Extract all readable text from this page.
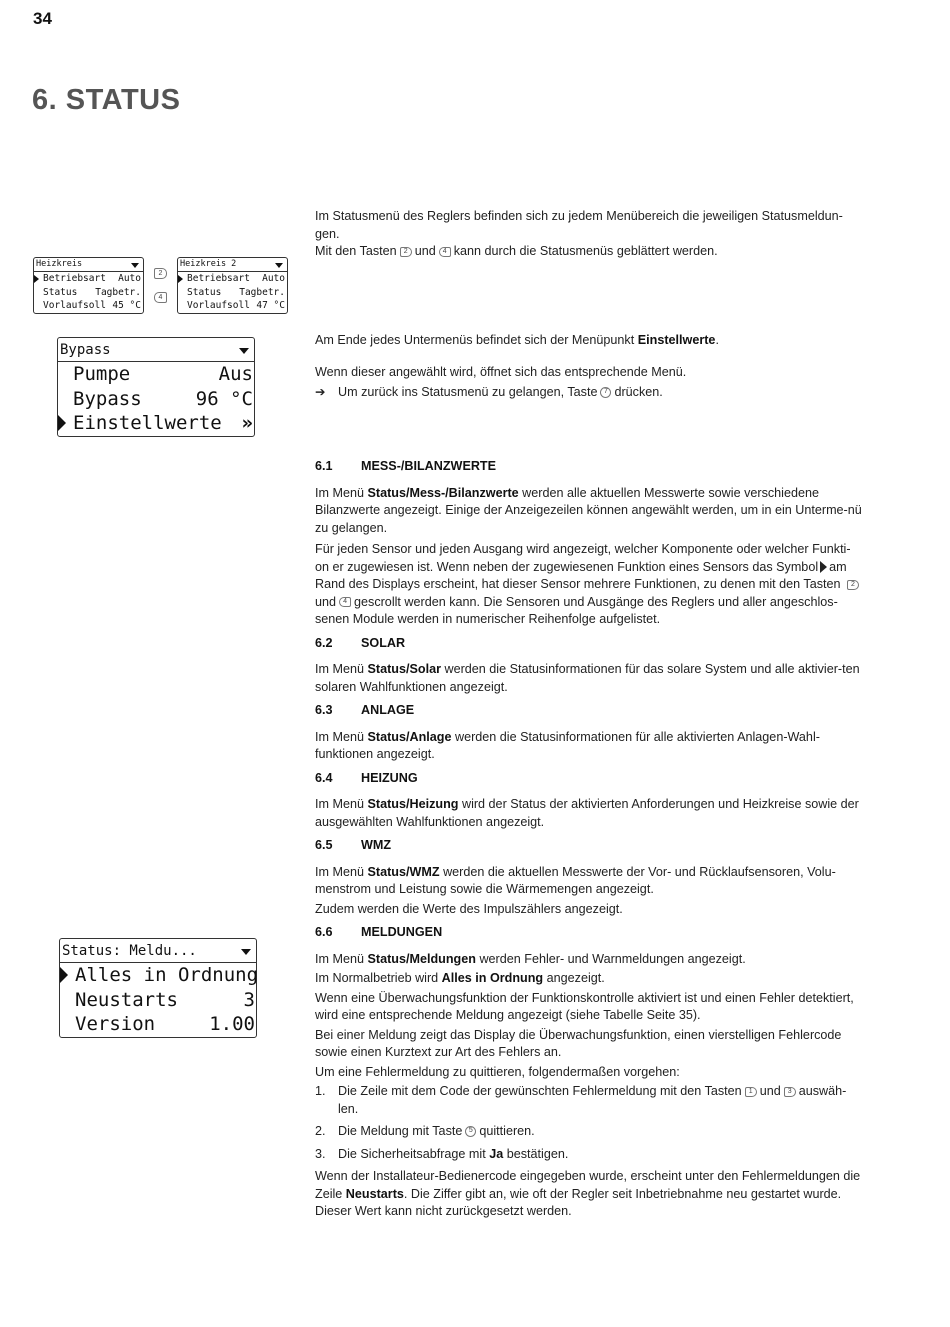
34
6. STATUS
Heizkreis
Betriebsart Auto
Status Tagbetr.
Vorlaufsoll 45 °C
2
4
Heizkreis 2
Betriebsart Auto
Status Tagbetr.
Vorlaufsoll 47 °C
Bypass
Pumpe	Aus
Bypass	96 °C
Einstellwerte »
Status: Meldu...
Alles in Ordnung
Neustarts	3
Version	1.00

Im Statusmenü des Reglers befinden sich zu jedem Menübereich die jeweiligen Statusmeldun-gen.

Mit den Tasten 2 und 4 kann durch die Statusmenüs geblättert werden.

Am Ende jedes Untermenüs befindet sich der Menüpunkt Einstellwerte.

Wenn dieser angewählt wird, öffnet sich das entsprechende Menü.

➔ Um zurück ins Statusmenü zu gelangen, Taste 7 drücken.
6.1	MESS-/BILANZWERTE

Im Menü Status/Mess-/Bilanzwerte werden alle aktuellen Messwerte sowie verschiedene Bilanzwerte angezeigt. Einige der Anzeigezeilen können angewählt werden, um in ein Unterme-nü zu gelangen.

Für jeden Sensor und jeden Ausgang wird angezeigt, welcher Komponente oder welcher Funkti-on er zugewiesen ist. Wenn neben der zugewiesenen Funktion eines Sensors das Symbol am Rand des Displays erscheint, hat dieser Sensor mehrere Funktionen, zu denen mit den Tasten 2und 4 gescrollt werden kann. Die Sensoren und Ausgänge des Reglers und aller angeschlos-senen Module werden in numerischer Reihenfolge aufgelistet.

6.2	SOLAR

Im Menü Status/Solar werden die Statusinformationen für das solare System und alle aktivier-ten solaren Wahlfunktionen angezeigt.

6.3	ANLAGE

Im Menü Status/Anlage werden die Statusinformationen für alle aktivierten Anlagen-Wahl-funktionen angezeigt.

6.4	HEIZUNG

Im Menü Status/Heizung wird der Status der aktivierten Anforderungen und Heizkreise sowie der ausgewählten Wahlfunktionen angezeigt.

6.5	WMZ

Im Menü Status/WMZ werden die aktuellen Messwerte der Vor- und Rücklaufsensoren, Volu-menstrom und Leistung sowie die Wärmemengen angezeigt.

Zudem werden die Werte des Impulszählers angezeigt.

6.6	MELDUNGEN

Im Menü Status/Meldungen werden Fehler- und Warnmeldungen angezeigt.

Im Normalbetrieb wird Alles in Ordnung angezeigt.

Wenn eine Überwachungsfunktion der Funktionskontrolle aktiviert ist und einen Fehler detektiert, wird eine entsprechende Meldung angezeigt (siehe Tabelle Seite 35).

Bei einer Meldung zeigt das Display die Überwachungsfunktion, einen vierstelligen Fehlercode sowie einen Kurztext zur Art des Fehlers an.

Um eine Fehlermeldung zu quittieren, folgendermaßen vorgehen:

1. Die Zeile mit dem Code der gewünschten Fehlermeldung mit den Tasten 1 und 3 auswäh-len.
2. Die Meldung mit Taste 5 quittieren.
3. Die Sicherheitsabfrage mit Ja bestätigen.

Wenn der Installateur-Bedienercode eingegeben wurde, erscheint unter den Fehlermeldungen die Zeile Neustarts. Die Ziffer gibt an, wie oft der Regler seit Inbetriebnahme neu gestartet wurde. Dieser Wert kann nicht zurückgesetzt werden.
